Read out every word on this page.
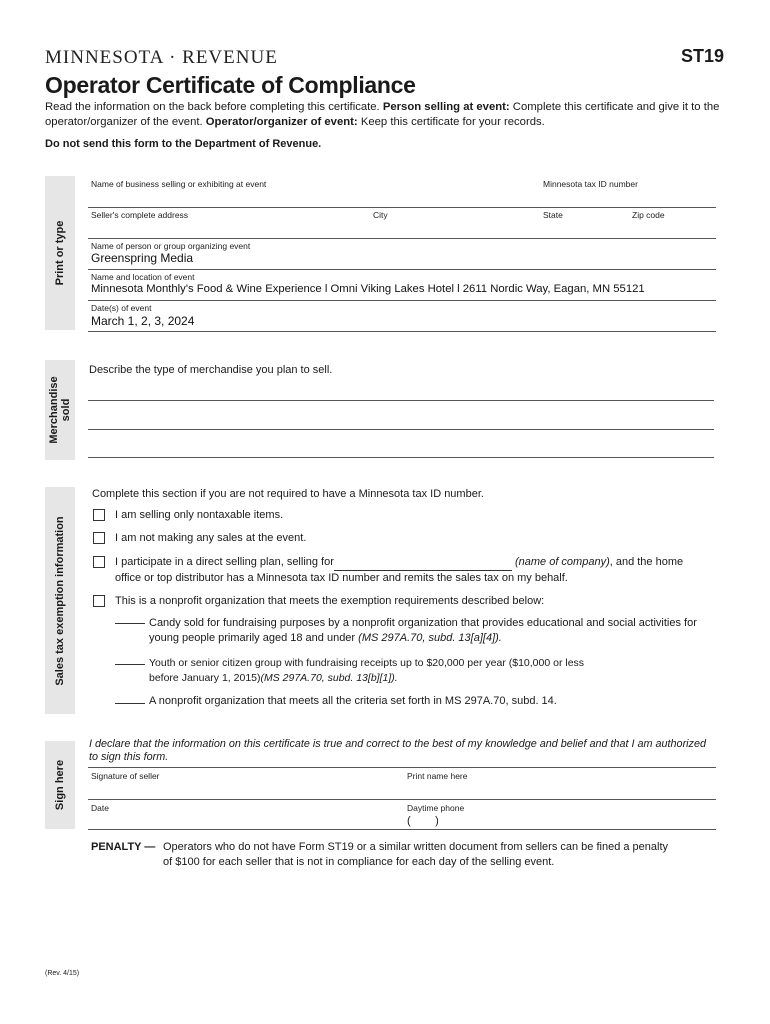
MINNESOTA · REVENUE	ST19
Operator Certificate of Compliance
Read the information on the back before completing this certificate. Person selling at event: Complete this certificate and give it to the operator/organizer of the event. Operator/organizer of event: Keep this certificate for your records.
Do not send this form to the Department of Revenue.
Print or type
Name of business selling or exhibiting at event	Minnesota tax ID number
Seller's complete address	City	State	Zip code
Name of person or group organizing event
Greenspring Media
Name and location of event
Minnesota Monthly's Food & Wine Experience l Omni Viking Lakes Hotel l 2611 Nordic Way, Eagan, MN 55121
Date(s) of event
March 1, 2, 3, 2024
Merchandise sold
Describe the type of merchandise you plan to sell.
Sales tax exemption information
Complete this section if you are not required to have a Minnesota tax ID number.
I am selling only nontaxable items.
I am not making any sales at the event.
I participate in a direct selling plan, selling for	(name of company), and the home
office or top distributor has a Minnesota tax ID number and remits the sales tax on my behalf.
This is a nonprofit organization that meets the exemption requirements described below:
Candy sold for fundraising purposes by a nonprofit organization that provides educational and social activities for
young people primarily aged 18 and under (MS 297A.70, subd. 13[a][4]).
Youth or senior citizen group with fundraising receipts up to $20,000 per year ($10,000 or less
before January 1, 2015)(MS 297A.70, subd. 13[b][1]).
A nonprofit organization that meets all the criteria set forth in MS 297A.70, subd. 14.
Sign here
I declare that the information on this certificate is true and correct to the best of my knowledge and belief and that I am authorized to sign this form.
Signature of seller	Print name here
Date	Daytime phone
(        )
PENALTY — Operators who do not have Form ST19 or a similar written document from sellers can be fined a penalty
of $100 for each seller that is not in compliance for each day of the selling event.
(Rev. 4/15)
